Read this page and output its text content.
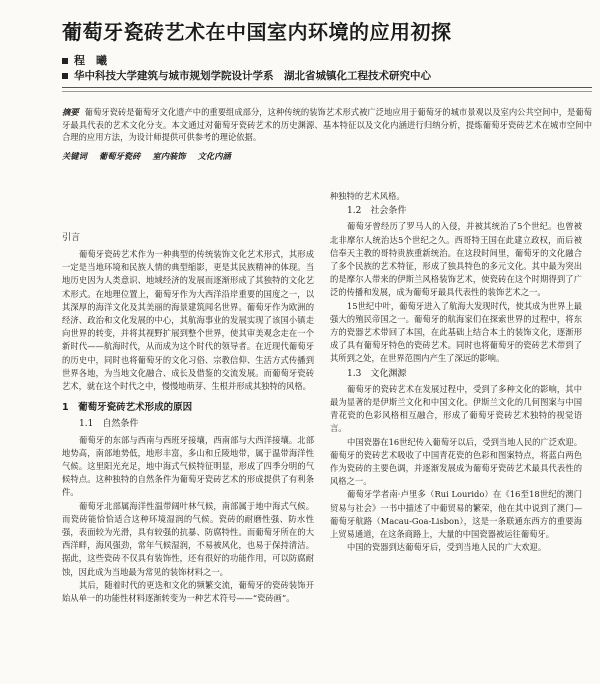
葡萄牙瓷砖艺术在中国室内环境的应用初探
程　曦
华中科技大学建筑与城市规划学院设计学系　湖北省城镇化工程技术研究中心
摘要 葡萄牙瓷砖是葡萄牙文化遗产中的重要组成部分，这种传统的装饰艺术形式被广泛地应用于葡萄牙的城市景观以及室内公共空间中，是葡萄牙最具代表的艺术文化分支。本文通过对葡萄牙瓷砖艺术的历史渊源、基本特征以及文化内涵进行归纳分析，提炼葡萄牙瓷砖艺术在城市空间中合理的应用方法，为设计师提供可供参考的理论依据。
关键词 葡萄牙瓷砖 室内装饰 文化内涵
引言

葡萄牙瓷砖艺术作为一种典型的传统装饰文化艺术形式，其形成一定是当地环境和民族人情的典型缩影，更是其民族精神的体现。当地历史因为人类意识、地域经济的发展而逐渐形成了其独特的文化艺术形式。在地理位置上，葡萄牙作为大西洋沿岸重要的国度之一，以其深厚的海洋文化及其美丽的海景建筑闻名世界。葡萄牙作为欧洲的经济、政治和文化发展的中心，其航海事业的发展实现了该国小镇走向世界的转变，并将其视野扩展到整个世界，使其审美观念走在一个新时代——航海时代，从而成为这个时代的领导者。在近现代葡萄牙的历史中，同时也将葡萄牙的文化习俗、宗教信仰、生活方式传播到世界各地，为当地文化融合、成长及借鉴的交流发展。而葡萄牙瓷砖艺术，就在这个时代之中，慢慢地萌芽、生根并形成其独特的风格。

1　葡萄牙瓷砖艺术形成的原因
1.1　自然条件

葡萄牙的东部与西南与西班牙接壤，西南部与大西洋接壤。北部地势高，南部地势低，地形丰富，多山和丘陵地带，属于温带海洋性气候。这里阳光充足，地中海式气候特征明显，形成了四季分明的气候特点。这种独特的自然条件为葡萄牙瓷砖艺术的形成提供了有利条件。

葡萄牙北部属海洋性温带阔叶林气候，南部属于地中海式气候。而瓷砖能恰恰适合这种环境湿润的气候。瓷砖的耐磨性强、防水性强，表面较为光滑，具有较强的抗暴、防腐特性。而葡萄牙所在的大西洋畔，海风强劲，常年气候湿润，不易被风化，也易于保持清洁。据此，这些瓷砖不仅具有装饰性，还有很好的功能作用，可以防腐耐蚀，因此成为当地最为常见的装饰材料之一。

其后，随着时代的更迭和文化的频繁交流，葡萄牙的瓷砖装饰开始从单一的功能性材料逐渐转变为一种艺术符号——“瓷砖画”。

种独特的艺术风格。

1.2　社会条件

葡萄牙曾经历了罗马人的入侵，并被其统治了5个世纪。也曾被北非摩尔人统治达5个世纪之久。西哥特王国在此建立政权，而后被信奉天主教的哥特贵族重新统治。在这段时间里，葡萄牙的文化融合了多个民族的艺术特征，形成了独具特色的多元文化。其中最为突出的是摩尔人带来的伊斯兰风格装饰艺术，使瓷砖在这个时期得到了广泛的传播和发展，成为葡萄牙最具代表性的装饰艺术之一。

15世纪中叶，葡萄牙进入了航海大发现时代，使其成为世界上最强大的殖民帝国之一。葡萄牙的航海家们在探索世界的过程中，将东方的瓷器艺术带回了本国，在此基础上结合本土的装饰文化，逐渐形成了具有葡萄牙特色的瓷砖艺术。同时也将葡萄牙的瓷砖艺术带到了其所到之处，在世界范围内产生了深远的影响。

1.3　文化渊源

葡萄牙的瓷砖艺术在发展过程中，受到了多种文化的影响，其中最为显著的是伊斯兰文化和中国文化。伊斯兰文化的几何图案与中国青花瓷的色彩风格相互融合，形成了葡萄牙瓷砖艺术独特的视觉语言。

中国瓷器在16世纪传入葡萄牙以后，受到当地人民的广泛欢迎。葡萄牙的瓷砖艺术吸收了中国青花瓷的色彩和图案特点，将蓝白两色作为瓷砖的主要色调，并逐渐发展成为葡萄牙瓷砖艺术最具代表性的风格之一。

葡萄牙学者南·卢里多（Rui Lourido）在《16至18世纪的澳门贸易与社会》一书中描述了中葡贸易的繁荣，他在其中说到了澳门—葡萄牙航路（Macau-Goa-Lisbon），这是一条联通东西方的重要海上贸易通道，在这条商路上，大量的中国瓷器被运往葡萄牙。

中国的瓷器到达葡萄牙后，受到当地人民的广大欢迎。
